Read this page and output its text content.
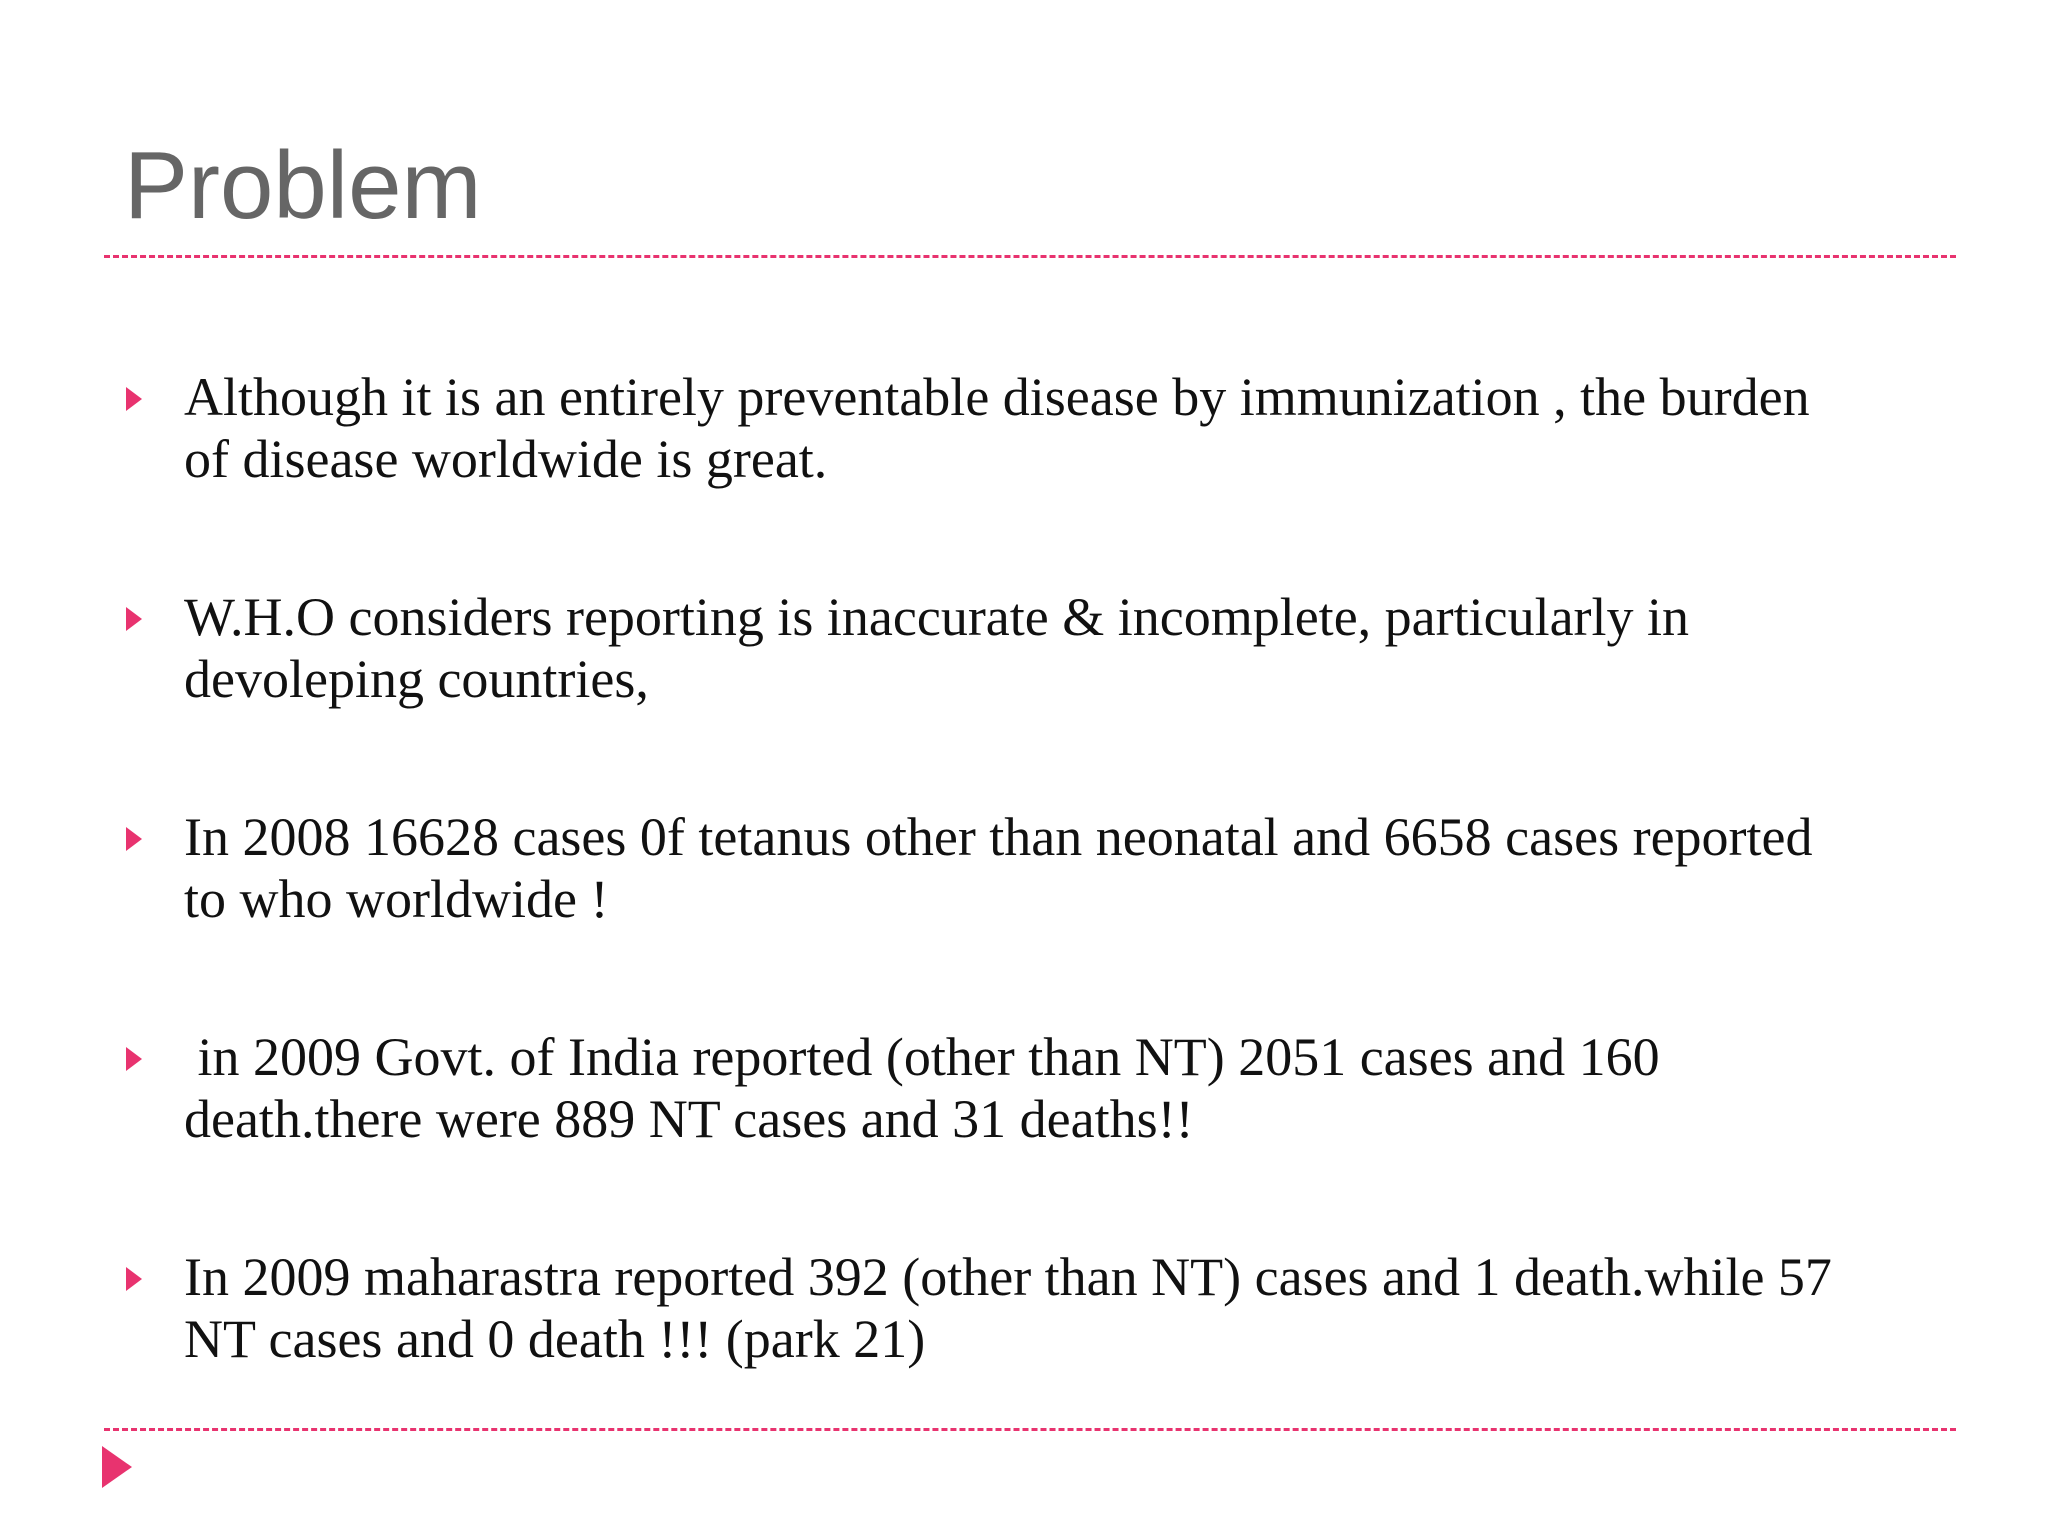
Problem
Although it is an entirely preventable disease by immunization , the burden
of disease worldwide is great.
W.H.O considers reporting is inaccurate & incomplete, particularly in
devoleping countries,
In 2008 16628 cases 0f tetanus other than neonatal and 6658 cases reported
to who worldwide !
in 2009 Govt. of India reported (other than NT) 2051 cases and 160
death.there were 889 NT cases and 31 deaths!!
In 2009 maharastra reported 392 (other than NT) cases and 1 death.while 57
NT cases and 0 death !!! (park 21)
